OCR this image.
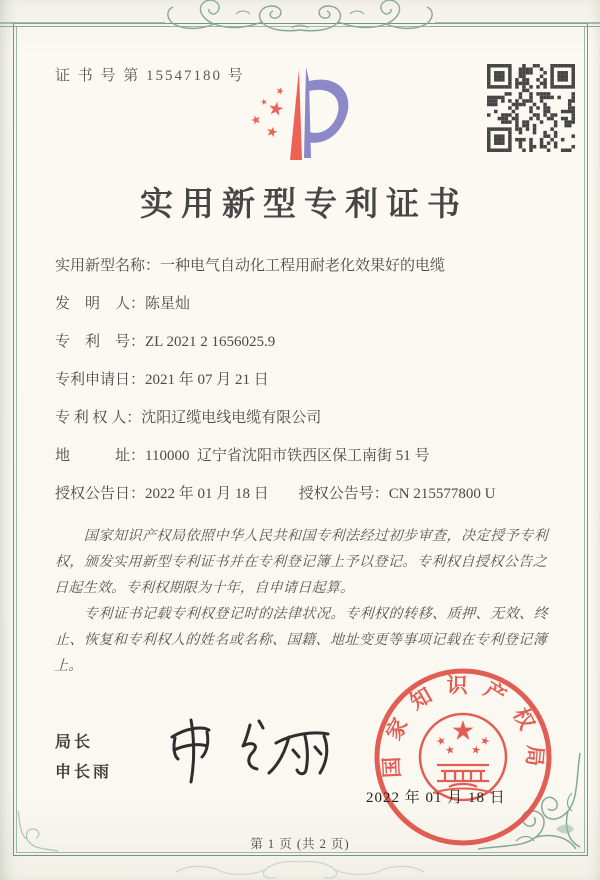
证 书 号 第 15547180 号
实用新型专利证书
实用新型名称： 一种电气自动化工程用耐老化效果好的电缆
发　明　人： 陈星灿
专　利　号： ZL 2021 2 1656025.9
专利申请日： 2021 年 07 月 21 日
专 利 权 人： 沈阳辽缆电线电缆有限公司
地　　　址： 110000  辽宁省沈阳市铁西区保工南街 51 号
授权公告日：2022 年 01 月 18 日 授权公告号：CN 215577800 U

国家知识产权局依照中华人民共和国专利法经过初步审查，决定授予专利权，颁发实用新型专利证书并在专利登记簿上予以登记。专利权自授权公告之日起生效。专利权期限为十年，自申请日起算。

专利证书记载专利权登记时的法律状况。专利权的转移、质押、无效、终止、恢复和专利权人的姓名或名称、国籍、地址变更等事项记载在专利登记簿上。

局长
申长雨	国家知识产权局
2022 年 01 月 18 日
第 1 页 (共 2 页)
